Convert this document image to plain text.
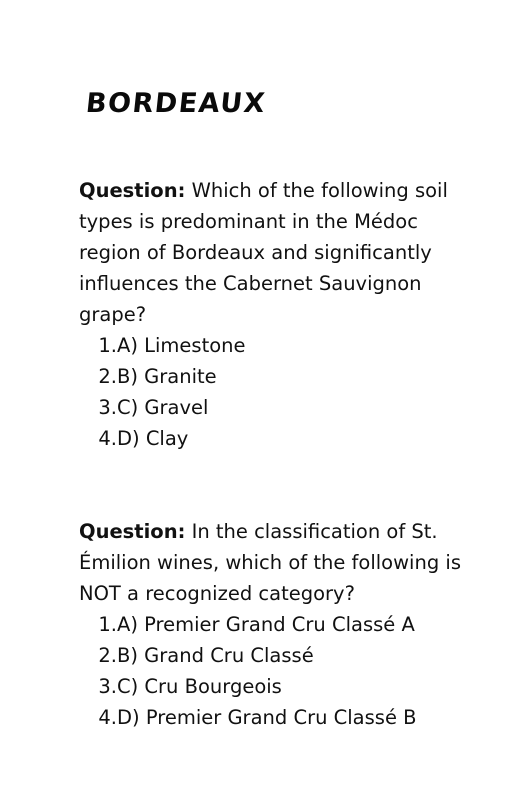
BORDEAUX

Question: Which of the following soil types is predominant in the Médoc region of Bordeaux and significantly influences the Cabernet Sauvignon grape?

1. A) Limestone
2. B) Granite
3. C) Gravel
4. D) Clay

Question: In the classification of St. Émilion wines, which of the following is NOT a recognized category?

1. A) Premier Grand Cru Classé A
2. B) Grand Cru Classé
3. C) Cru Bourgeois
4. D) Premier Grand Cru Classé B
